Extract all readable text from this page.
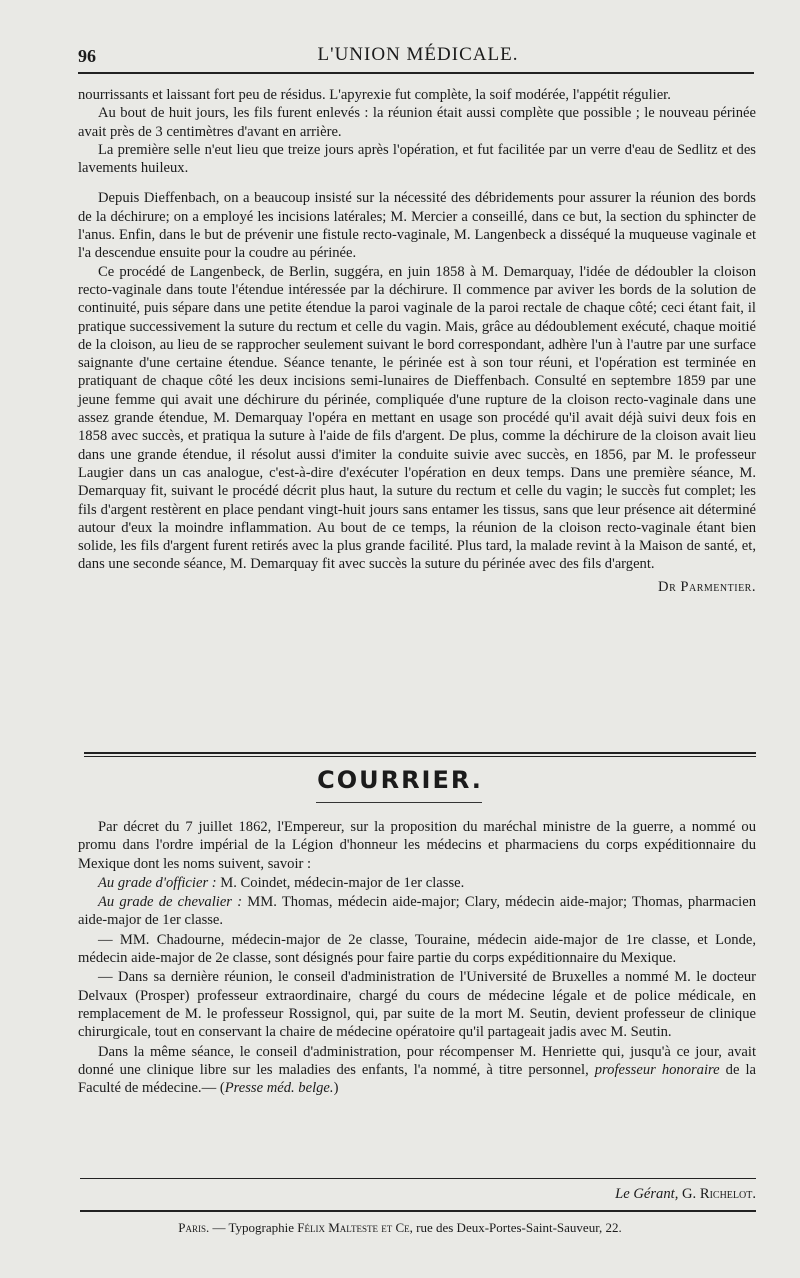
96	L'UNION MÉDICALE.

nourrissants et laissant fort peu de résidus. L'apyrexie fut complète, la soif modérée, l'appétit régulier.

Au bout de huit jours, les fils furent enlevés : la réunion était aussi complète que possible ; le nouveau périnée avait près de 3 centimètres d'avant en arrière.

La première selle n'eut lieu que treize jours après l'opération, et fut facilitée par un verre d'eau de Sedlitz et des lavements huileux.

Depuis Dieffenbach, on a beaucoup insisté sur la nécessité des débridements pour assurer la réunion des bords de la déchirure; on a employé les incisions latérales; M. Mercier a conseillé, dans ce but, la section du sphincter de l'anus. Enfin, dans le but de prévenir une fistule recto-vaginale, M. Langenbeck a disséqué la muqueuse vaginale et l'a descendue ensuite pour la coudre au périnée.

Ce procédé de Langenbeck, de Berlin, suggéra, en juin 1858 à M. Demarquay, l'idée de dédoubler la cloison recto-vaginale dans toute l'étendue intéressée par la déchirure. Il commence par aviver les bords de la solution de continuité, puis sépare dans une petite étendue la paroi vaginale de la paroi rectale de chaque côté; ceci étant fait, il pratique successivement la suture du rectum et celle du vagin. Mais, grâce au dédoublement exécuté, chaque moitié de la cloison, au lieu de se rapprocher seulement suivant le bord correspondant, adhère l'un à l'autre par une surface saignante d'une certaine étendue. Séance tenante, le périnée est à son tour réuni, et l'opération est terminée en pratiquant de chaque côté les deux incisions semi-lunaires de Dieffenbach. Consulté en septembre 1859 par une jeune femme qui avait une déchirure du périnée, compliquée d'une rupture de la cloison recto-vaginale dans une assez grande étendue, M. Demarquay l'opéra en mettant en usage son procédé qu'il avait déjà suivi deux fois en 1858 avec succès, et pratiqua la suture à l'aide de fils d'argent. De plus, comme la déchirure de la cloison avait lieu dans une grande étendue, il résolut aussi d'imiter la conduite suivie avec succès, en 1856, par M. le professeur Laugier dans un cas analogue, c'est-à-dire d'exécuter l'opération en deux temps. Dans une première séance, M. Demarquay fit, suivant le procédé décrit plus haut, la suture du rectum et celle du vagin; le succès fut complet; les fils d'argent restèrent en place pendant vingt-huit jours sans entamer les tissus, sans que leur présence ait déterminé autour d'eux la moindre inflammation. Au bout de ce temps, la réunion de la cloison recto-vaginale étant bien solide, les fils d'argent furent retirés avec la plus grande facilité. Plus tard, la malade revint à la Maison de santé, et, dans une seconde séance, M. Demarquay fit avec succès la suture du périnée avec des fils d'argent.

Dr Parmentier.
COURRIER.

Par décret du 7 juillet 1862, l'Empereur, sur la proposition du maréchal ministre de la guerre, a nommé ou promu dans l'ordre impérial de la Légion d'honneur les médecins et pharmaciens du corps expéditionnaire du Mexique dont les noms suivent, savoir :

Au grade d'officier : M. Coindet, médecin-major de 1er classe.

Au grade de chevalier : MM. Thomas, médecin aide-major; Clary, médecin aide-major; Thomas, pharmacien aide-major de 1er classe.

— MM. Chadourne, médecin-major de 2e classe, Touraine, médecin aide-major de 1re classe, et Londe, médecin aide-major de 2e classe, sont désignés pour faire partie du corps expéditionnaire du Mexique.

— Dans sa dernière réunion, le conseil d'administration de l'Université de Bruxelles a nommé M. le docteur Delvaux (Prosper) professeur extraordinaire, chargé du cours de médecine légale et de police médicale, en remplacement de M. le professeur Rossignol, qui, par suite de la mort M. Seutin, devient professeur de clinique chirurgicale, tout en conservant la chaire de médecine opératoire qu'il partageait jadis avec M. Seutin.

Dans la même séance, le conseil d'administration, pour récompenser M. Henriette qui, jusqu'à ce jour, avait donné une clinique libre sur les maladies des enfants, l'a nommé, à titre personnel, professeur honoraire de la Faculté de médecine.— (Presse méd. belge.)

Le Gérant, G. Richelot.
Paris. — Typographie Félix Malteste et Ce, rue des Deux-Portes-Saint-Sauveur, 22.
